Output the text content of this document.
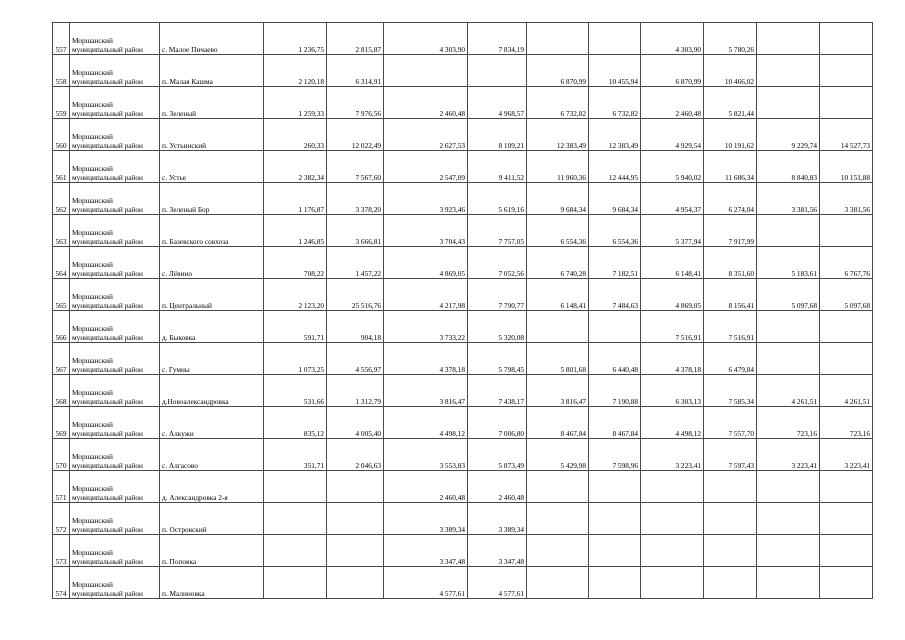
557	Моршанский муниципальный район	с. Малое Пичаево	1 236,75	2 815,87	4 303,90	7 834,19			4 303,90	5 780,26		
558	Моршанский муниципальный район	п. Малая Кашма	2 120,18	6 314,91			6 870,99	10 455,94	6 870,99	10 466,02		
559	Моршанский муниципальный район	п. Зеленый	1 259,33	7 976,56	2 460,48	4 968,57	6 732,82	6 732,82	2 460,48	5 821,44		
560	Моршанский муниципальный район	п. Устьинский	260,33	12 022,49	2 627,53	8 109,21	12 383,49	12 383,49	4 929,54	10 191,62	9 229,74	14 527,73
561	Моршанский муниципальный район	с. Устье	2 382,34	7 567,60	2 547,09	9 411,52	11 960,36	12 444,95	5 940,02	11 686,34	8 840,83	10 151,88
562	Моршанский муниципальный район	п. Зеленый Бор	1 176,87	3 378,20	3 923,46	5 619,16	9 684,34	9 684,34	4 954,37	6 274,04	3 381,56	3 381,56
563	Моршанский муниципальный район	п. Базевского совхоза	1 246,85	3 666,81	3 704,43	7 757,05	6 554,36	6 554,36	5 377,94	7 917,99		
564	Моршанский муниципальный район	с. Лёвино	708,22	1 457,22	4 869,05	7 052,56	6 740,28	7 182,51	6 148,41	8 351,60	5 183,61	6 767,76
565	Моршанский муниципальный район	п. Центральный	2 123,20	25 516,76	4 217,98	7 790,77	6 148,41	7 484,63	4 869,05	8 156,41	5 097,68	5 097,68
566	Моршанский муниципальный район	д. Быковка	591,71	904,18	3 733,22	5 320,08			7 516,91	7 516,91		
567	Моршанский муниципальный район	с. Гумны	1 073,25	4 556,97	4 378,18	5 798,45	5 801,68	6 440,48	4 378,18	6 479,84		
568	Моршанский муниципальный район	д.Новоалександровка	531,66	1 312,79	3 816,47	7 438,17	3 816,47	7 190,88	6 303,13	7 585,34	4 261,51	4 261,51
569	Моршанский муниципальный район	с. Алкужи	835,12	4 005,40	4 498,12	7 006,80	8 467,84	8 467,84	4 498,12	7 557,70	723,16	723,16
570	Моршанский муниципальный район	с. Алгасово	351,71	2 046,63	3 553,83	5 873,49	5 429,98	7 598,96	3 223,41	7 597,43	3 223,41	3 223,41
571	Моршанский муниципальный район	д. Александровка 2-я			2 460,48	2 460,48						
572	Моршанский муниципальный район	п. Островский			3 389,34	3 389,34						
573	Моршанский муниципальный район	п. Поповка			3 347,48	3 347,48						
574	Моршанский муниципальный район	п. Малиновка			4 577,61	4 577,61						
